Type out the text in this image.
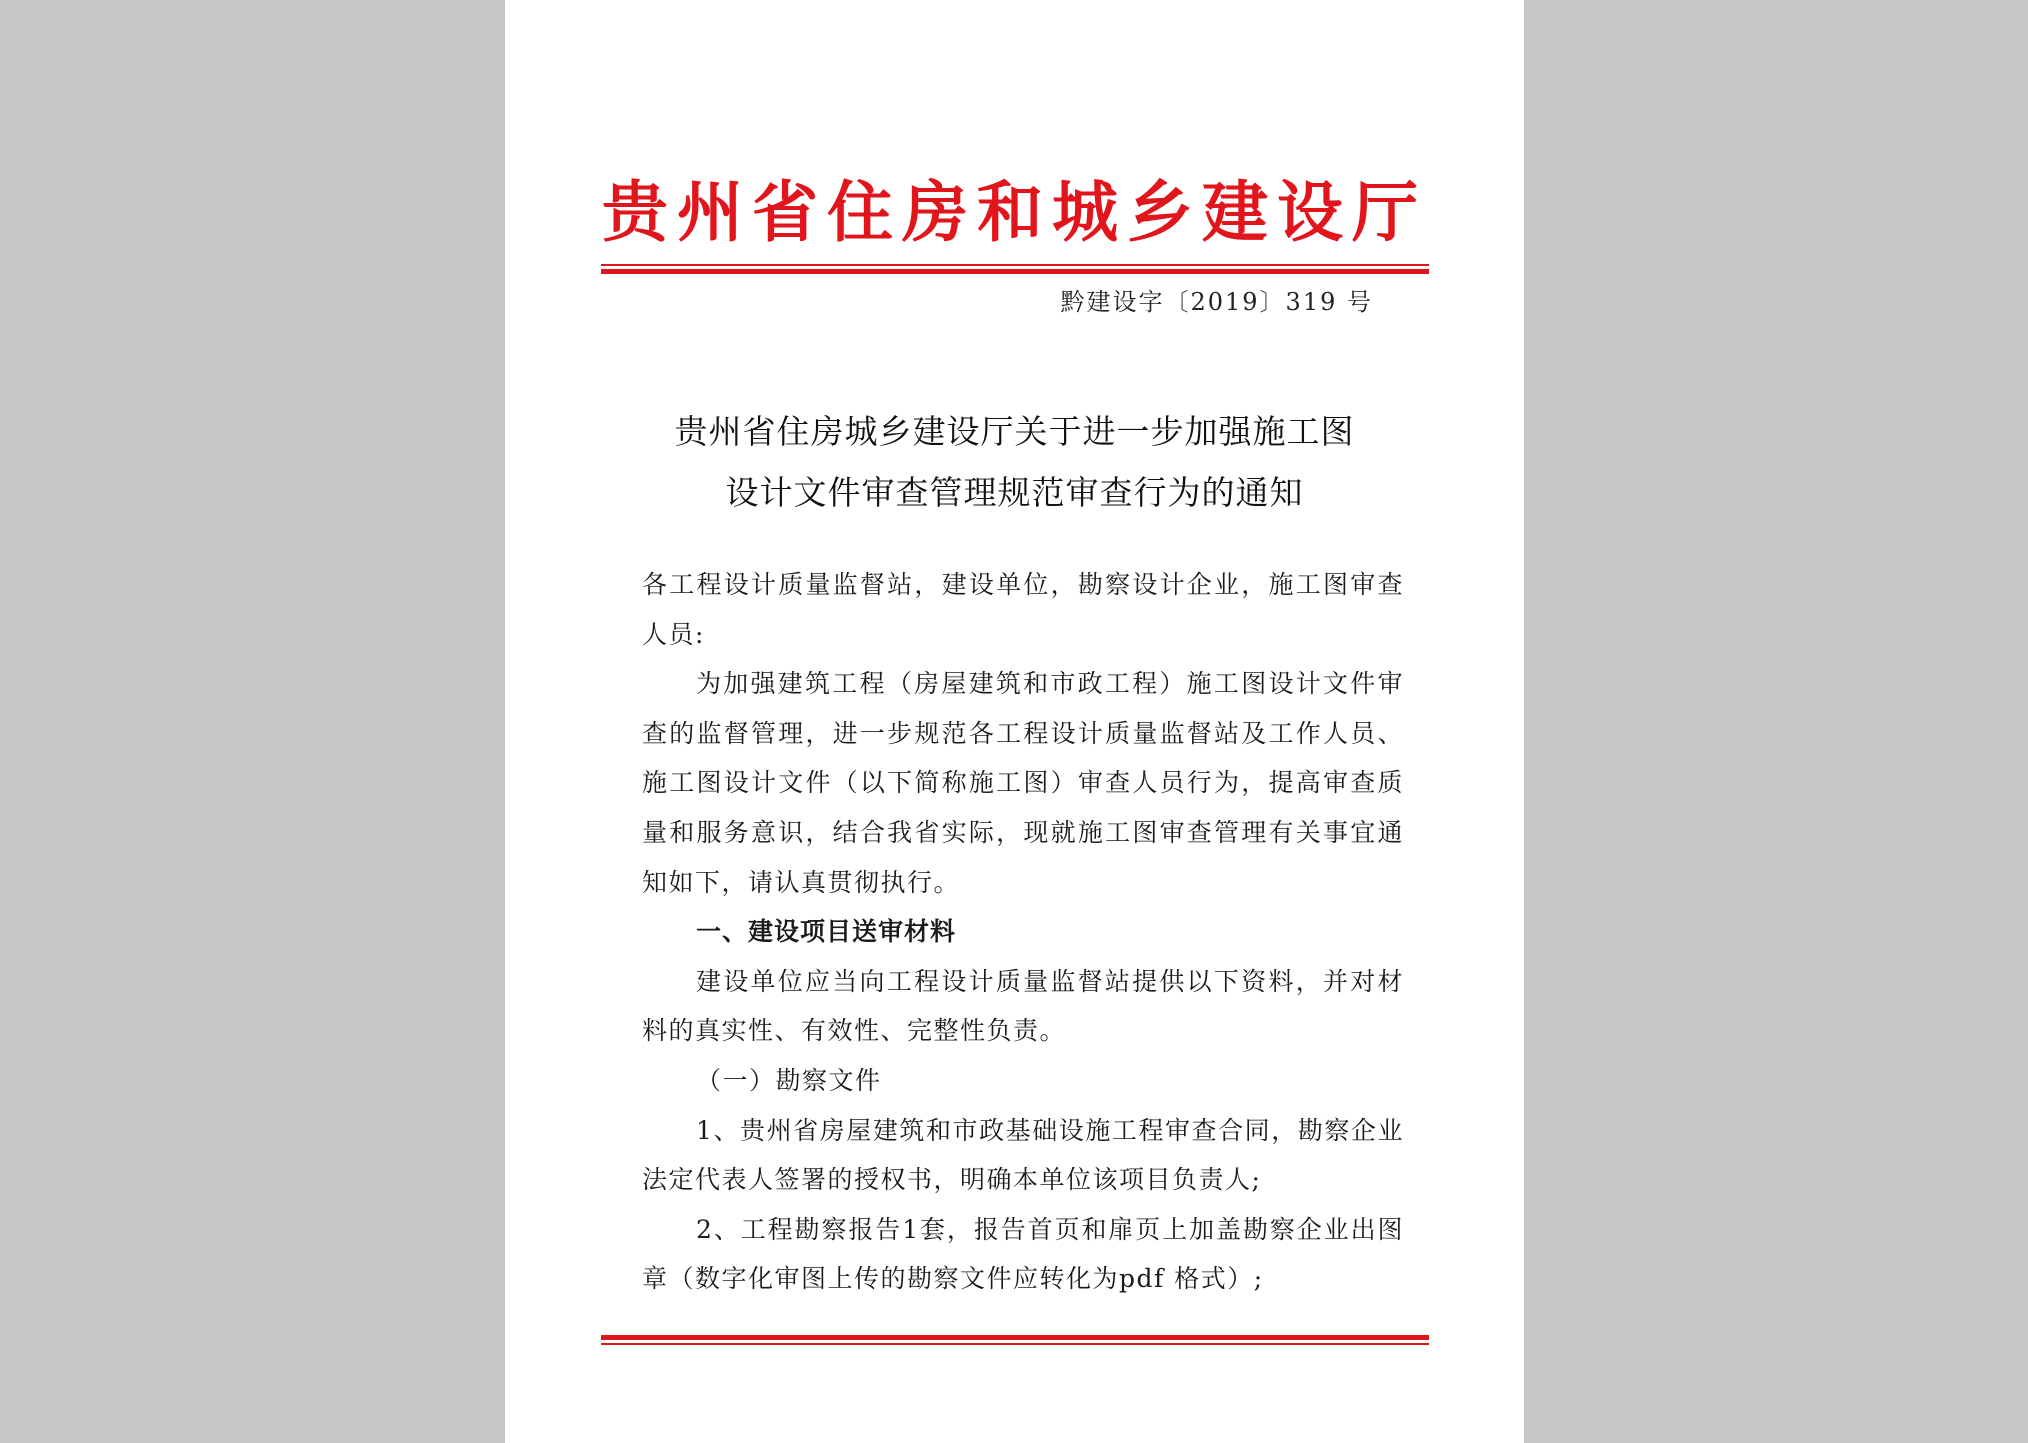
贵州省住房和城乡建设厅
黔建设字〔2019〕319 号
贵州省住房城乡建设厅关于进一步加强施工图
设计文件审查管理规范审查行为的通知

各工程设计质量监督站，建设单位，勘察设计企业，施工图审查人员:

为加强建筑工程（房屋建筑和市政工程）施工图设计文件审查的监督管理，进一步规范各工程设计质量监督站及工作人员、施工图设计文件（以下简称施工图）审查人员行为，提高审查质量和服务意识，结合我省实际，现就施工图审查管理有关事宜通知如下，请认真贯彻执行。

一、建设项目送审材料

建设单位应当向工程设计质量监督站提供以下资料，并对材料的真实性、有效性、完整性负责。

（一）勘察文件

1、贵州省房屋建筑和市政基础设施工程审查合同，勘察企业法定代表人签署的授权书，明确本单位该项目负责人;

2、工程勘察报告1套，报告首页和扉页上加盖勘察企业出图章（数字化审图上传的勘察文件应转化为pdf 格式）;
